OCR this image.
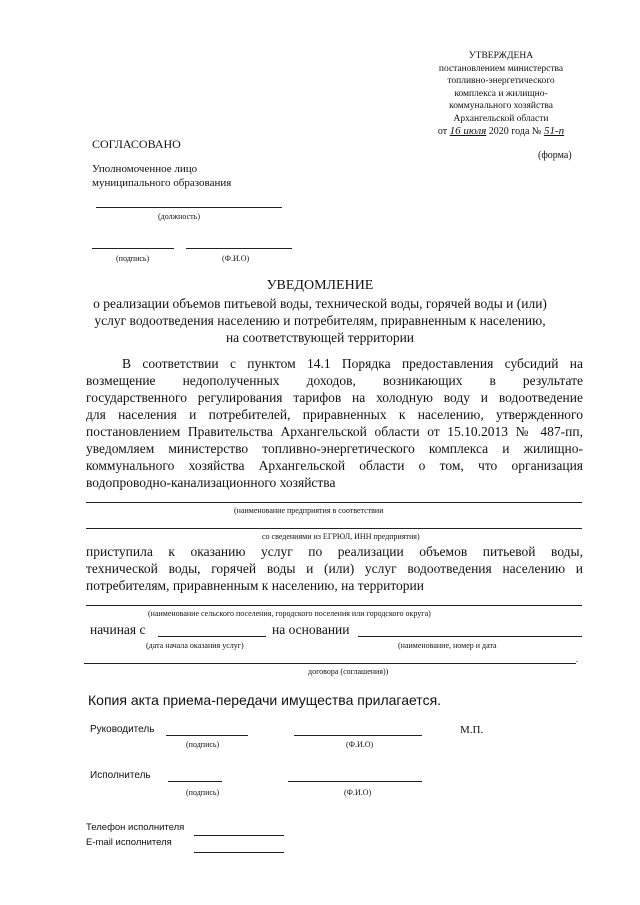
УТВЕРЖДЕНА
постановлением министерства
топливно-энергетического
комплекса и жилищно-
коммунального хозяйства
Архангельской области
от 16 июля 2020 года № 51-п
(форма)
СОГЛАСОВАНО
Уполномоченное лицо
муниципального образования
(должность)
(подпись)	(Ф.И.О)
УВЕДОМЛЕНИЕ
о реализации объемов питьевой воды, технической воды, горячей воды и (или)
услуг водоотведения населению и потребителям, приравненным к населению,
на соответствующей территории
В соответствии с пунктом 14.1 Порядка предоставления субсидий на
возмещение недополученных доходов, возникающих в результате
государственного регулирования тарифов на холодную воду и водоотведение
для населения и потребителей, приравненных к населению, утвержденного
постановлением Правительства Архангельской области от 15.10.2013 № 487-пп,
уведомляем министерство топливно-энергетического комплекса и жилищно-
коммунального хозяйства Архангельской области о том, что организация
водопроводно-канализационного хозяйства
(наименование предприятия в соответствии
со сведениями из ЕГРЮЛ, ИНН предприятия)
приступила к оказанию услуг по реализации объемов питьевой воды,
технической воды, горячей воды и (или) услуг водоотведения населению и
потребителям, приравненным к населению, на территории
(наименование сельского поселения, городского поселения или городского округа)
начиная с	на основании
(дата начала оказания услуг)	(наименование, номер и дата
.
договора (соглашения))
Копия акта приема-передачи имущества прилагается.
Руководитель	М.П.
(подпись)	(Ф.И.О)
Исполнитель
(подпись)	(Ф.И.О)
Телефон исполнителя
E-mail исполнителя
